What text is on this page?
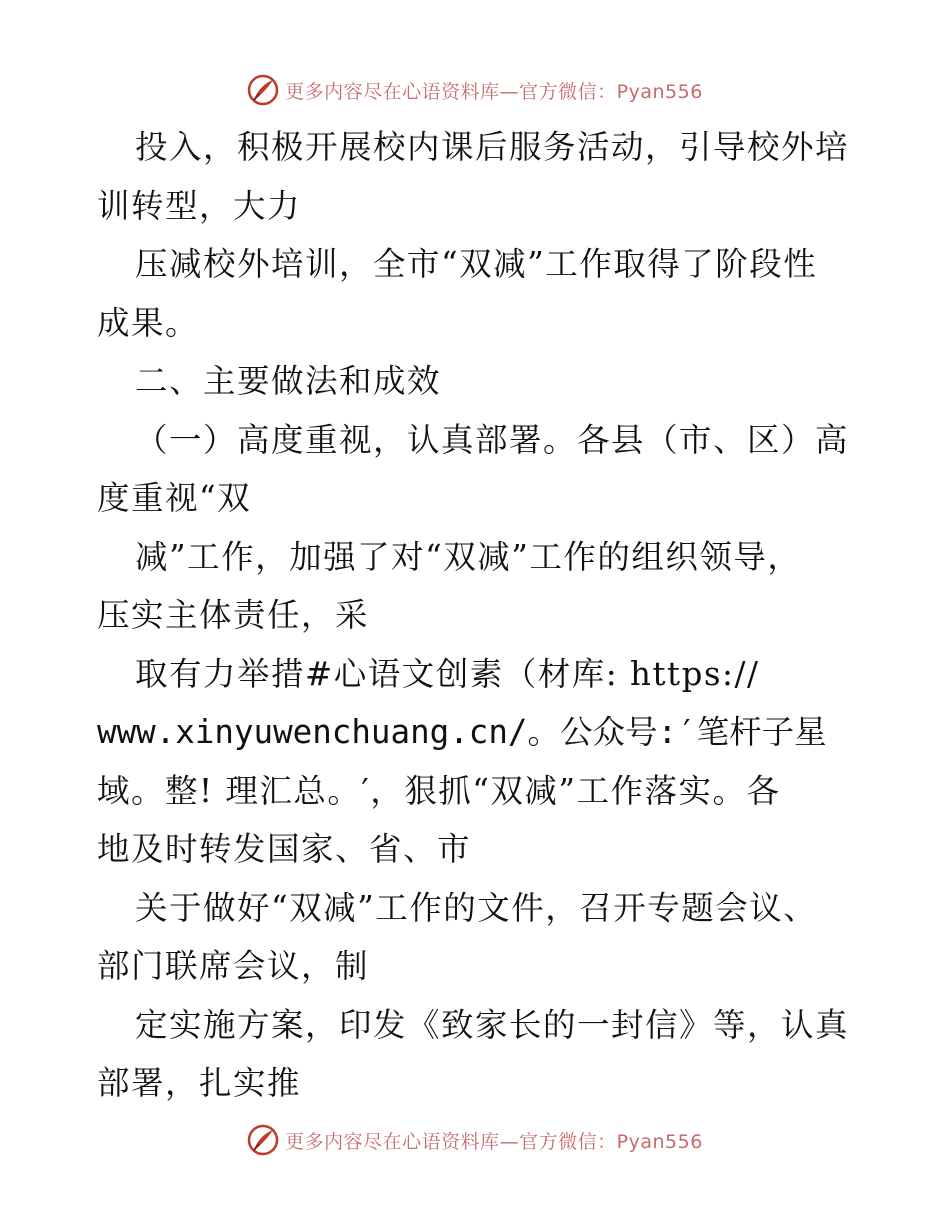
更多内容尽在心语资料库—官方微信：Pyan556
投入，积极开展校内课后服务活动，引导校外培
训转型，大力
压减校外培训，全市“双减”工作取得了阶段性
成果。
二、主要做法和成效
（一）高度重视，认真部署。各县（市、区）高
度重视“双
减”工作，加强了对“双减”工作的组织领导，
压实主体责任，采
取有力举措#心语文创素（材库: https://
www.xinyuwenchuang.cn/。公众号:′笔杆子星
域。整! 理汇总。′，狠抓“双减”工作落实。各
地及时转发国家、省、市
关于做好“双减”工作的文件，召开专题会议、
部门联席会议，制
定实施方案，印发《致家长的一封信》等，认真
部署，扎实推
更多内容尽在心语资料库—官方微信：Pyan556
